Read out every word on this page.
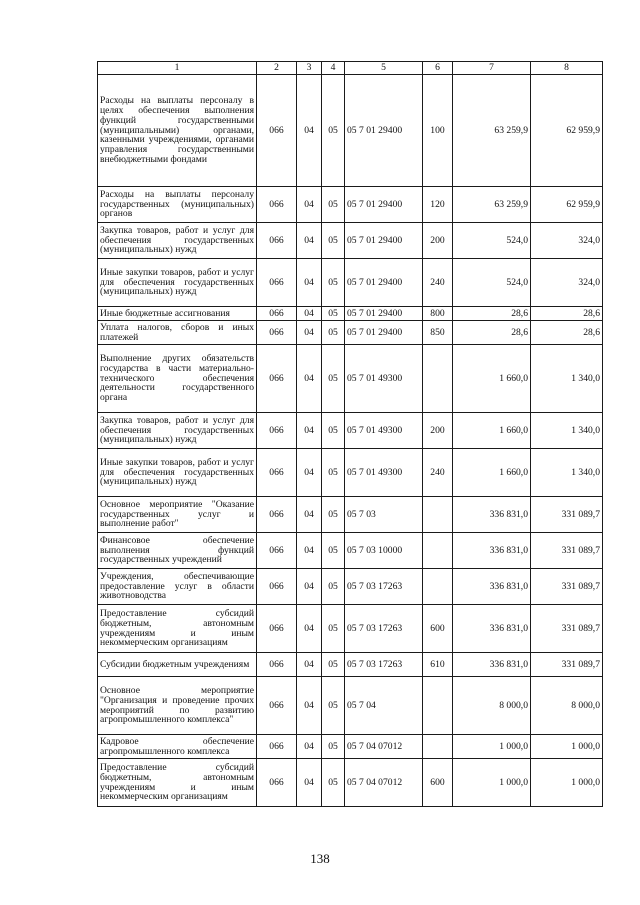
1	2	3	4	5	6	7	8
Расходы на выплаты персоналу в целях обеспечения выполнения функций государственными (муниципальными) органами, казенными учреждениями, органами управления государственными внебюджетными фондами	066	04	05	05 7 01 29400	100	63 259,9	62 959,9
Расходы на выплаты персоналу государственных (муниципальных) органов	066	04	05	05 7 01 29400	120	63 259,9	62 959,9
Закупка товаров, работ и услуг для обеспечения государственных (муниципальных) нужд	066	04	05	05 7 01 29400	200	524,0	324,0
Иные закупки товаров, работ и услуг для обеспечения государственных (муниципальных) нужд	066	04	05	05 7 01 29400	240	524,0	324,0
Иные бюджетные ассигнования	066	04	05	05 7 01 29400	800	28,6	28,6
Уплата налогов, сборов и иных платежей	066	04	05	05 7 01 29400	850	28,6	28,6
Выполнение других обязательств государства в части материально-технического обеспечения деятельности государственного органа	066	04	05	05 7 01 49300		1 660,0	1 340,0
Закупка товаров, работ и услуг для обеспечения государственных (муниципальных) нужд	066	04	05	05 7 01 49300	200	1 660,0	1 340,0
Иные закупки товаров, работ и услуг для обеспечения государственных (муниципальных) нужд	066	04	05	05 7 01 49300	240	1 660,0	1 340,0
Основное мероприятие "Оказание государственных услуг и выполнение работ"	066	04	05	05 7 03		336 831,0	331 089,7
Финансовое обеспечение выполнения функций государственных учреждений	066	04	05	05 7 03 10000		336 831,0	331 089,7
Учреждения, обеспечивающие предоставление услуг в области животноводства	066	04	05	05 7 03 17263		336 831,0	331 089,7
Предоставление субсидий бюджетным, автономным учреждениям и иным некоммерческим организациям	066	04	05	05 7 03 17263	600	336 831,0	331 089,7
Субсидии бюджетным учреждениям	066	04	05	05 7 03 17263	610	336 831,0	331 089,7
Основное мероприятие "Организация и проведение прочих мероприятий по развитию агропромышленного комплекса"	066	04	05	05 7 04		8 000,0	8 000,0
Кадровое обеспечение агропромышленного комплекса	066	04	05	05 7 04 07012		1 000,0	1 000,0
Предоставление субсидий бюджетным, автономным учреждениям и иным некоммерческим организациям	066	04	05	05 7 04 07012	600	1 000,0	1 000,0
138
